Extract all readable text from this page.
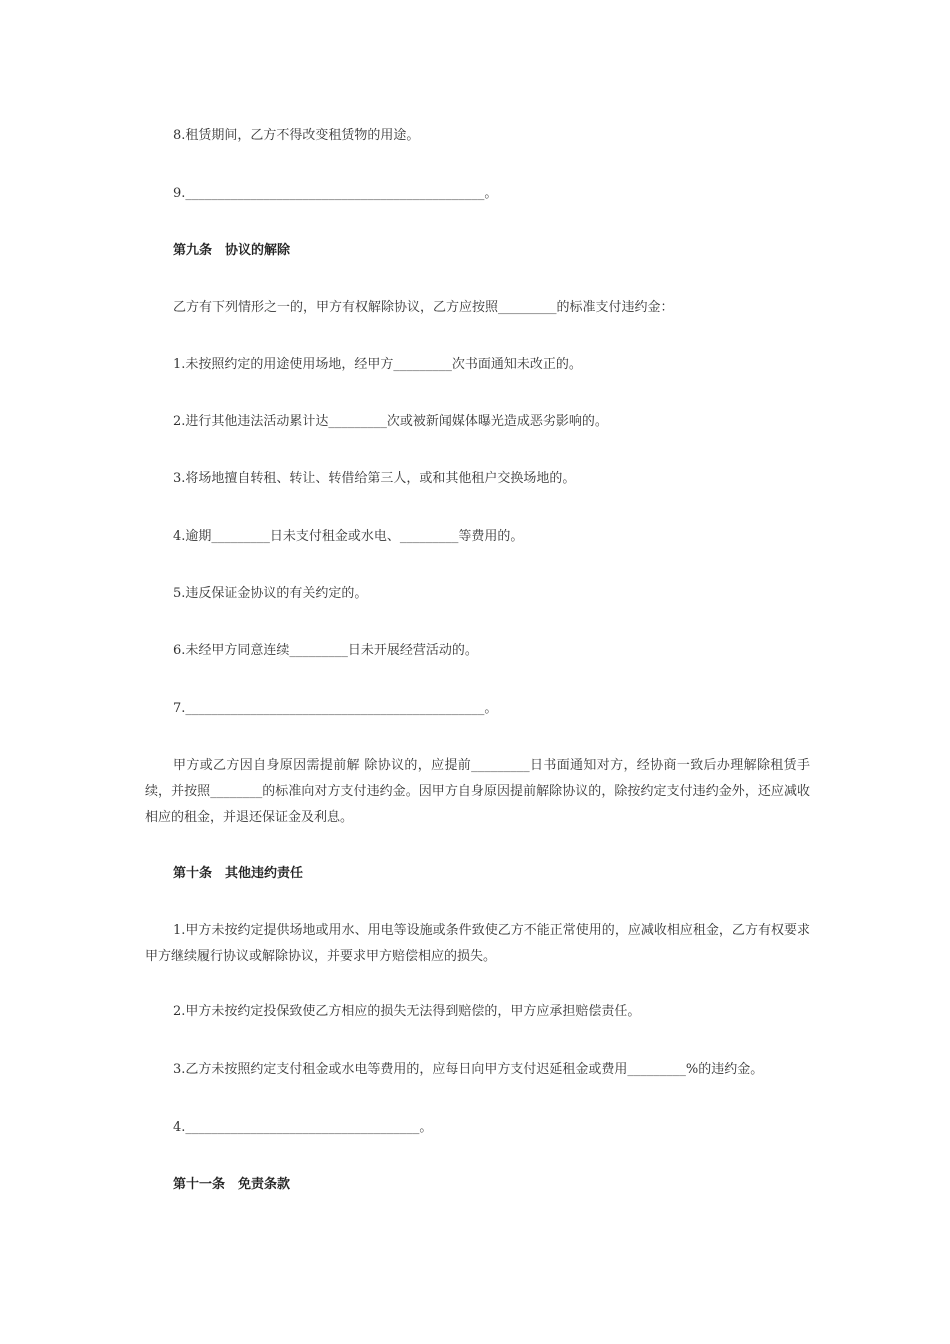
8.租赁期间，乙方不得改变租赁物的用途。
9.______________________________________________。
第九条　协议的解除
乙方有下列情形之一的，甲方有权解除协议，乙方应按照_________的标准支付违约金：
1.未按照约定的用途使用场地，经甲方_________次书面通知未改正的。
2.进行其他违法活动累计达_________次或被新闻媒体曝光造成恶劣影响的。
3.将场地擅自转租、转让、转借给第三人，或和其他租户交换场地的。
4.逾期_________日未支付租金或水电、_________等费用的。
5.违反保证金协议的有关约定的。
6.未经甲方同意连续_________日未开展经营活动的。
7.______________________________________________。
甲方或乙方因自身原因需提前解 除协议的，应提前_________日书面通知对方，经协商一致后办理解除租赁手续，并按照________的标准向对方支付违约金。因甲方自身原因提前解除协议的，除按约定支付违约金外，还应减收相应的租金，并退还保证金及利息。
第十条　其他违约责任
1.甲方未按约定提供场地或用水、用电等设施或条件致使乙方不能正常使用的，应减收相应租金，乙方有权要求甲方继续履行协议或解除协议，并要求甲方赔偿相应的损失。
2.甲方未按约定投保致使乙方相应的损失无法得到赔偿的，甲方应承担赔偿责任。
3.乙方未按照约定支付租金或水电等费用的，应每日向甲方支付迟延租金或费用_________%的违约金。
4.____________________________________。
第十一条　免责条款
